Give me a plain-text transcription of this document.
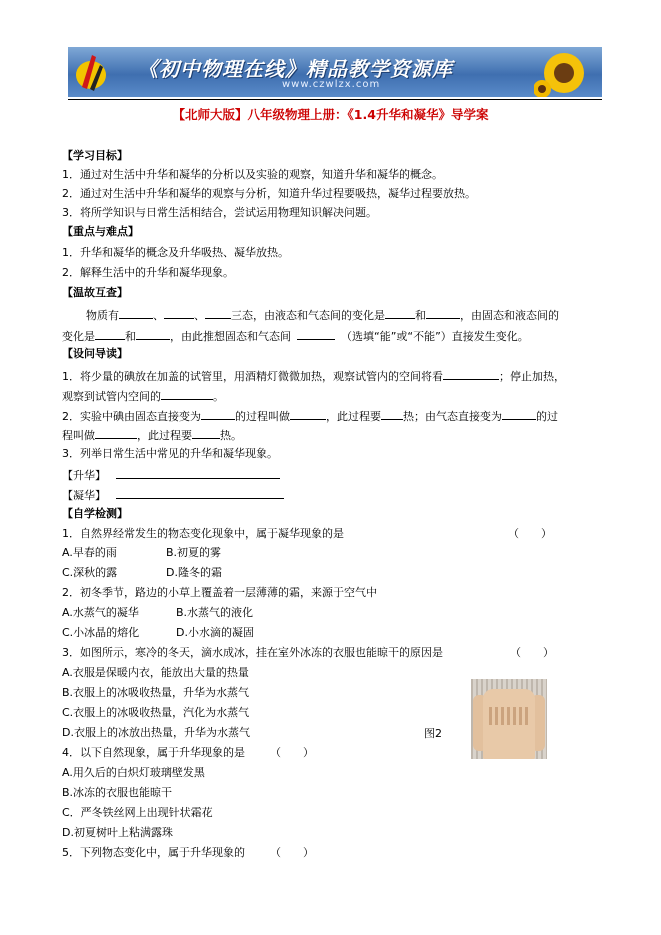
《初中物理在线》精品教学资源库
www.czwlzx.com
【北师大版】八年级物理上册：《1.4升华和凝华》导学案
【学习目标】
1．通过对生活中升华和凝华的分析以及实验的观察，知道升华和凝华的概念。
2．通过对生活中升华和凝华的观察与分析，知道升华过程要吸热，凝华过程要放热。
3．将所学知识与日常生活相结合，尝试运用物理知识解决问题。
【重点与难点】
1．升华和凝华的概念及升华吸热、凝华放热。
2．解释生活中的升华和凝华现象。
【温故互查】
物质有	、	、 三态，由液态和气态间的变化是	和	，由固态和液态间的
变化是	和	，由此推想固态和气态间	（选填“能”或“不能”）直接发生变化。
【设问导读】
1．将少量的碘放在加盖的试管里，用酒精灯微微加热，观察试管内的空间将看	；停止加热，
观察到试管内空间的	。
2．实验中碘由固态直接变为	的过程叫做	，此过程要 热；由气态直接变为	的过
程叫做	，此过程要	热。
3．列举日常生活中常见的升华和凝华现象。
【升华】
【凝华】
【自学检测】
1．自然界经常发生的物态变化现象中，属于凝华现象的是	（　　）
A.早春的雨	B.初夏的雾
C.深秋的露	D.隆冬的霜
2．初冬季节，路边的小草上覆盖着一层薄薄的霜，来源于空气中
A.水蒸气的凝华	B.水蒸气的液化
C.小冰晶的熔化	D.小水滴的凝固
3．如图所示，寒冷的冬天，滴水成冰，挂在室外冰冻的衣服也能晾干的原因是	（　　）
A.衣服是保暖内衣，能放出大量的热量
B.衣服上的冰吸收热量，升华为水蒸气
C.衣服上的冰吸收热量，汽化为水蒸气
D.衣服上的冰放出热量，升华为水蒸气	图2
4．以下自然现象，属于升华现象的是 （　　）
A.用久后的白炽灯玻璃壁发黑
B.冰冻的衣服也能晾干
C．严冬铁丝网上出现针状霜花
D.初夏树叶上粘满露珠
5．下列物态变化中，属于升华现象的 （　　）
